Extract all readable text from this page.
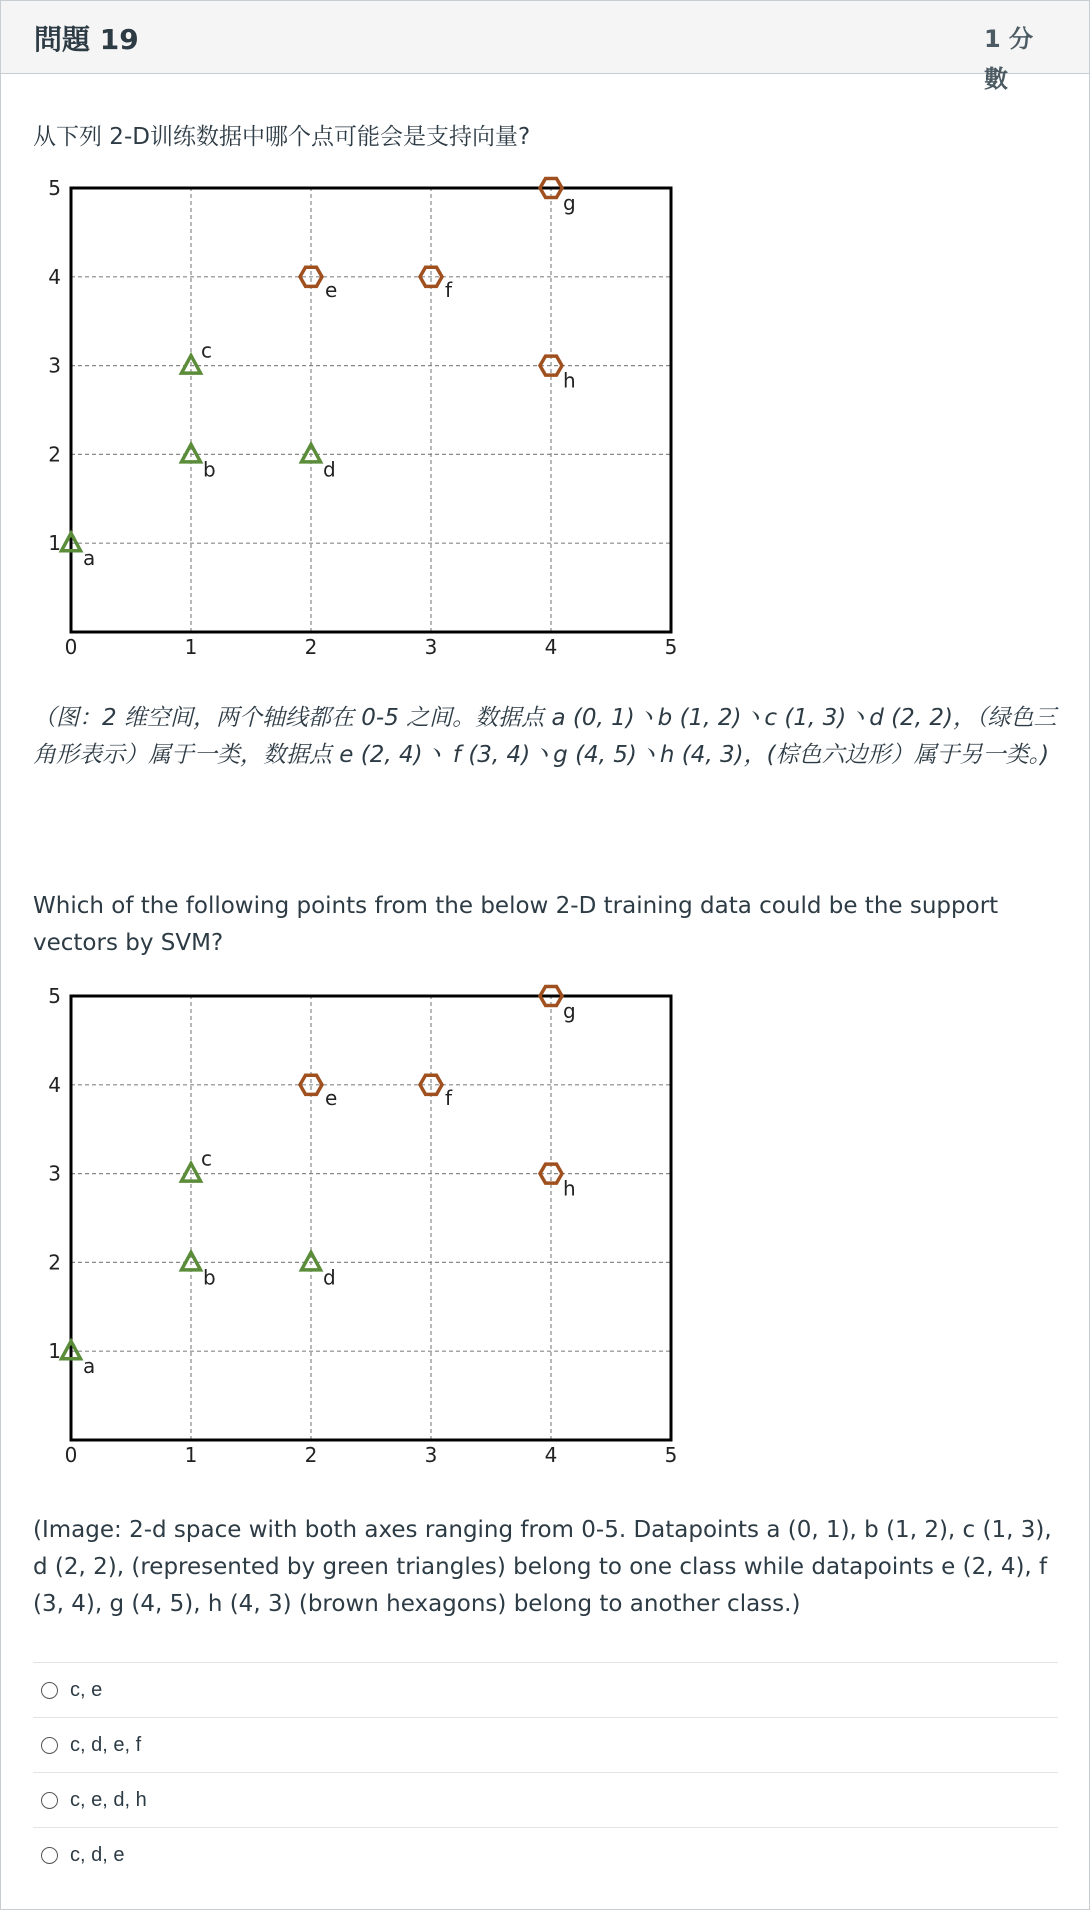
問題 19	1 分數
从下列 2-D训练数据中哪个点可能会是支持向量?
0	1	2	3	4	5
1
2
3
4
5
a
b
c
d
e	f
g
h
（图：2 维空间，两个轴线都在 0-5 之间。数据点 a (0, 1)丶b (1, 2)丶c (1, 3)丶d (2, 2)，（绿色三角形表示）属于一类，数据点 e (2, 4)丶 f (3, 4)丶g (4, 5)丶h (4, 3)，(棕色六边形）属于另一类。)
Which of the following points from the below 2-D training data could be the support vectors by SVM?
0	1	2	3	4	5
1
2
3
4
5
a
b
c
d
e	f
g
h
(Image: 2-d space with both axes ranging from 0-5. Datapoints a (0, 1), b (1, 2), c (1, 3), d (2, 2), (represented by green triangles) belong to one class while datapoints e (2, 4), f (3, 4), g (4, 5), h (4, 3) (brown hexagons) belong to another class.)
c, e
c, d, e, f
c, e, d, h
c, d, e
